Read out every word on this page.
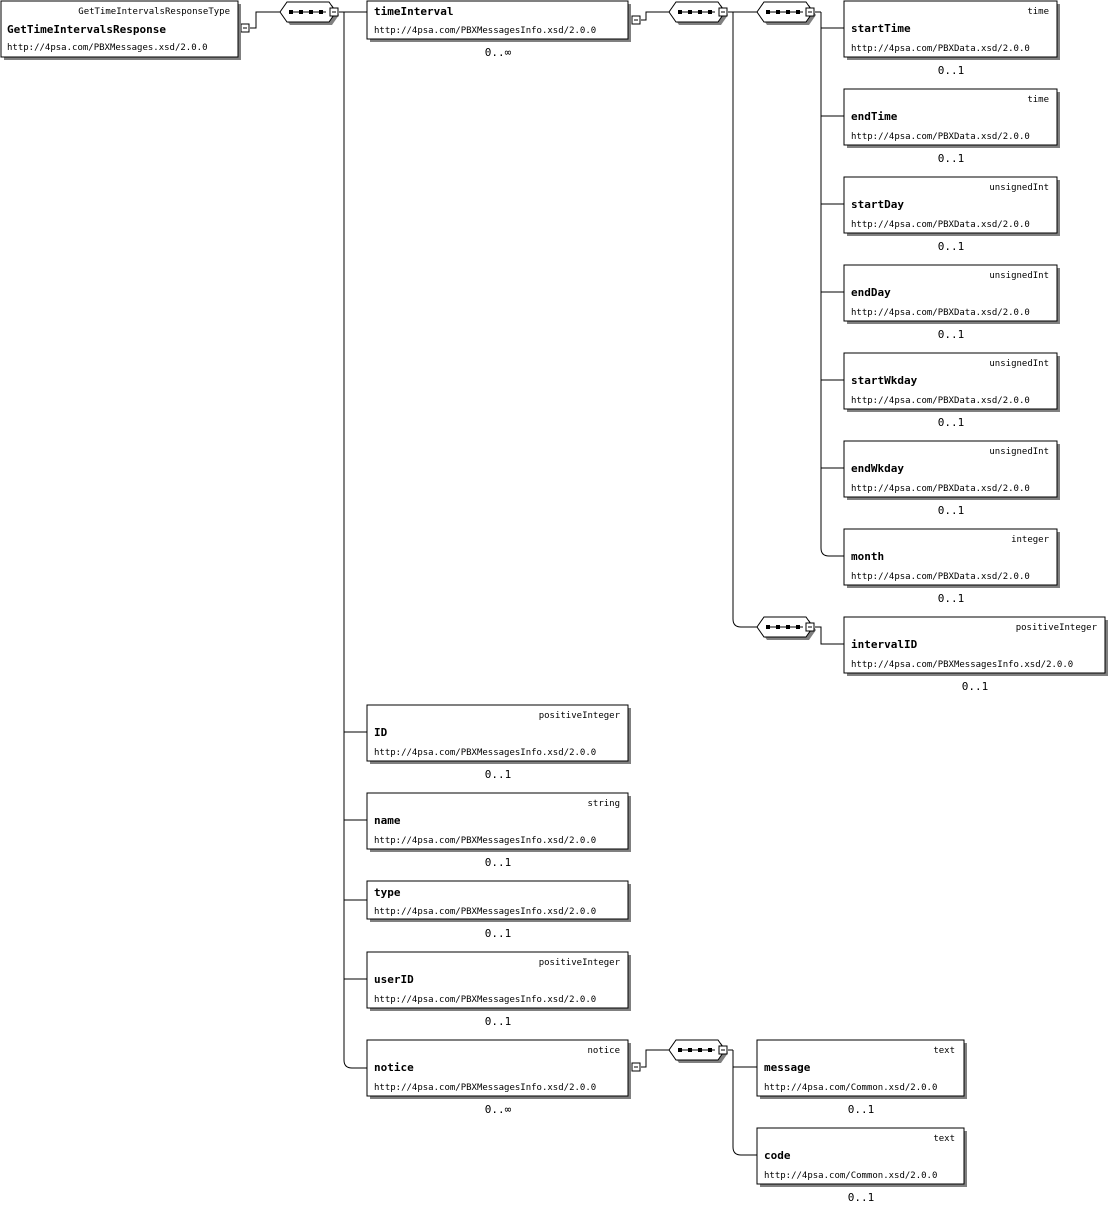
GetTimeIntervalsResponseType
GetTimeIntervalsResponse
http://4psa.com/PBXMessages.xsd/2.0.0
timeInterval
http://4psa.com/PBXMessagesInfo.xsd/2.0.0
0..∞
time
startTime
http://4psa.com/PBXData.xsd/2.0.0
0..1
time
endTime
http://4psa.com/PBXData.xsd/2.0.0
0..1
unsignedInt
startDay
http://4psa.com/PBXData.xsd/2.0.0
0..1
unsignedInt
endDay
http://4psa.com/PBXData.xsd/2.0.0
0..1
unsignedInt
startWkday
http://4psa.com/PBXData.xsd/2.0.0
0..1
unsignedInt
endWkday
http://4psa.com/PBXData.xsd/2.0.0
0..1
integer
month
http://4psa.com/PBXData.xsd/2.0.0
0..1
positiveInteger
intervalID
http://4psa.com/PBXMessagesInfo.xsd/2.0.0
0..1
positiveInteger
ID
http://4psa.com/PBXMessagesInfo.xsd/2.0.0
0..1
string
name
http://4psa.com/PBXMessagesInfo.xsd/2.0.0
0..1
type
http://4psa.com/PBXMessagesInfo.xsd/2.0.0
0..1
positiveInteger
userID
http://4psa.com/PBXMessagesInfo.xsd/2.0.0
0..1
notice
notice
http://4psa.com/PBXMessagesInfo.xsd/2.0.0
0..∞
text
message
http://4psa.com/Common.xsd/2.0.0
0..1
text
code
http://4psa.com/Common.xsd/2.0.0
0..1
